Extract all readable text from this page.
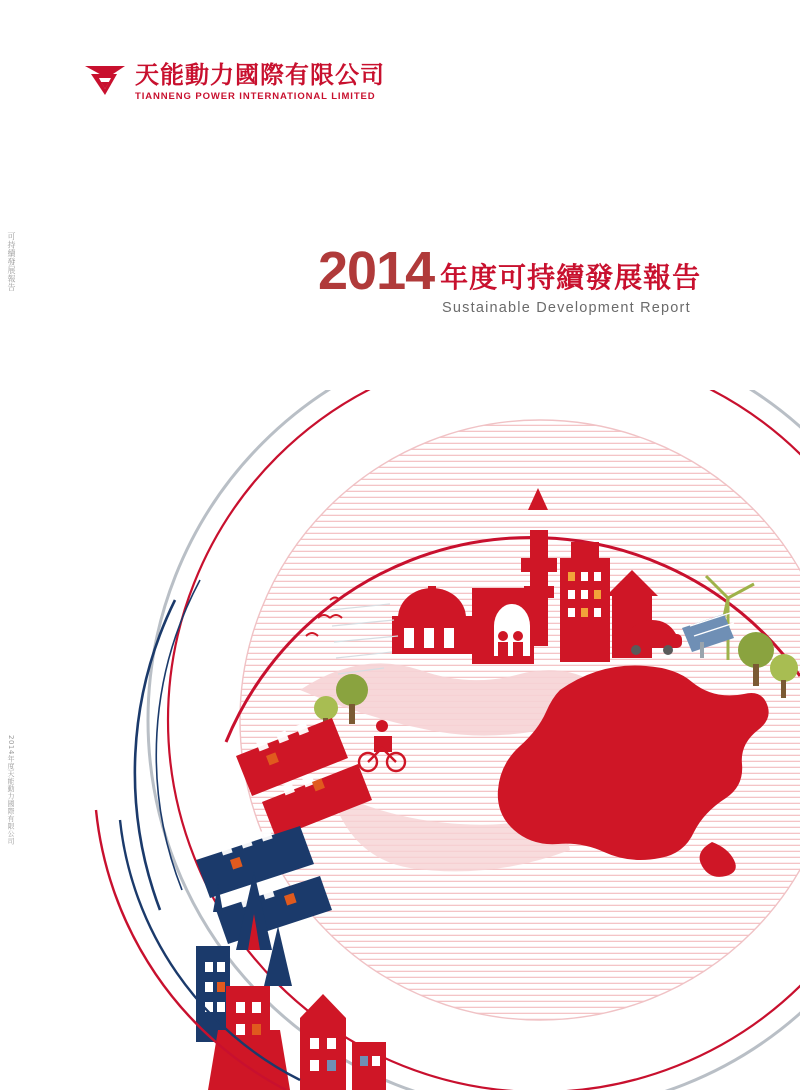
天能動力國際有限公司
TIANNENG POWER INTERNATIONAL LIMITED
2014 年度可持續發展報告
Sustainable Development Report
可持續發展報告
2014年度天能動力國際有限公司
